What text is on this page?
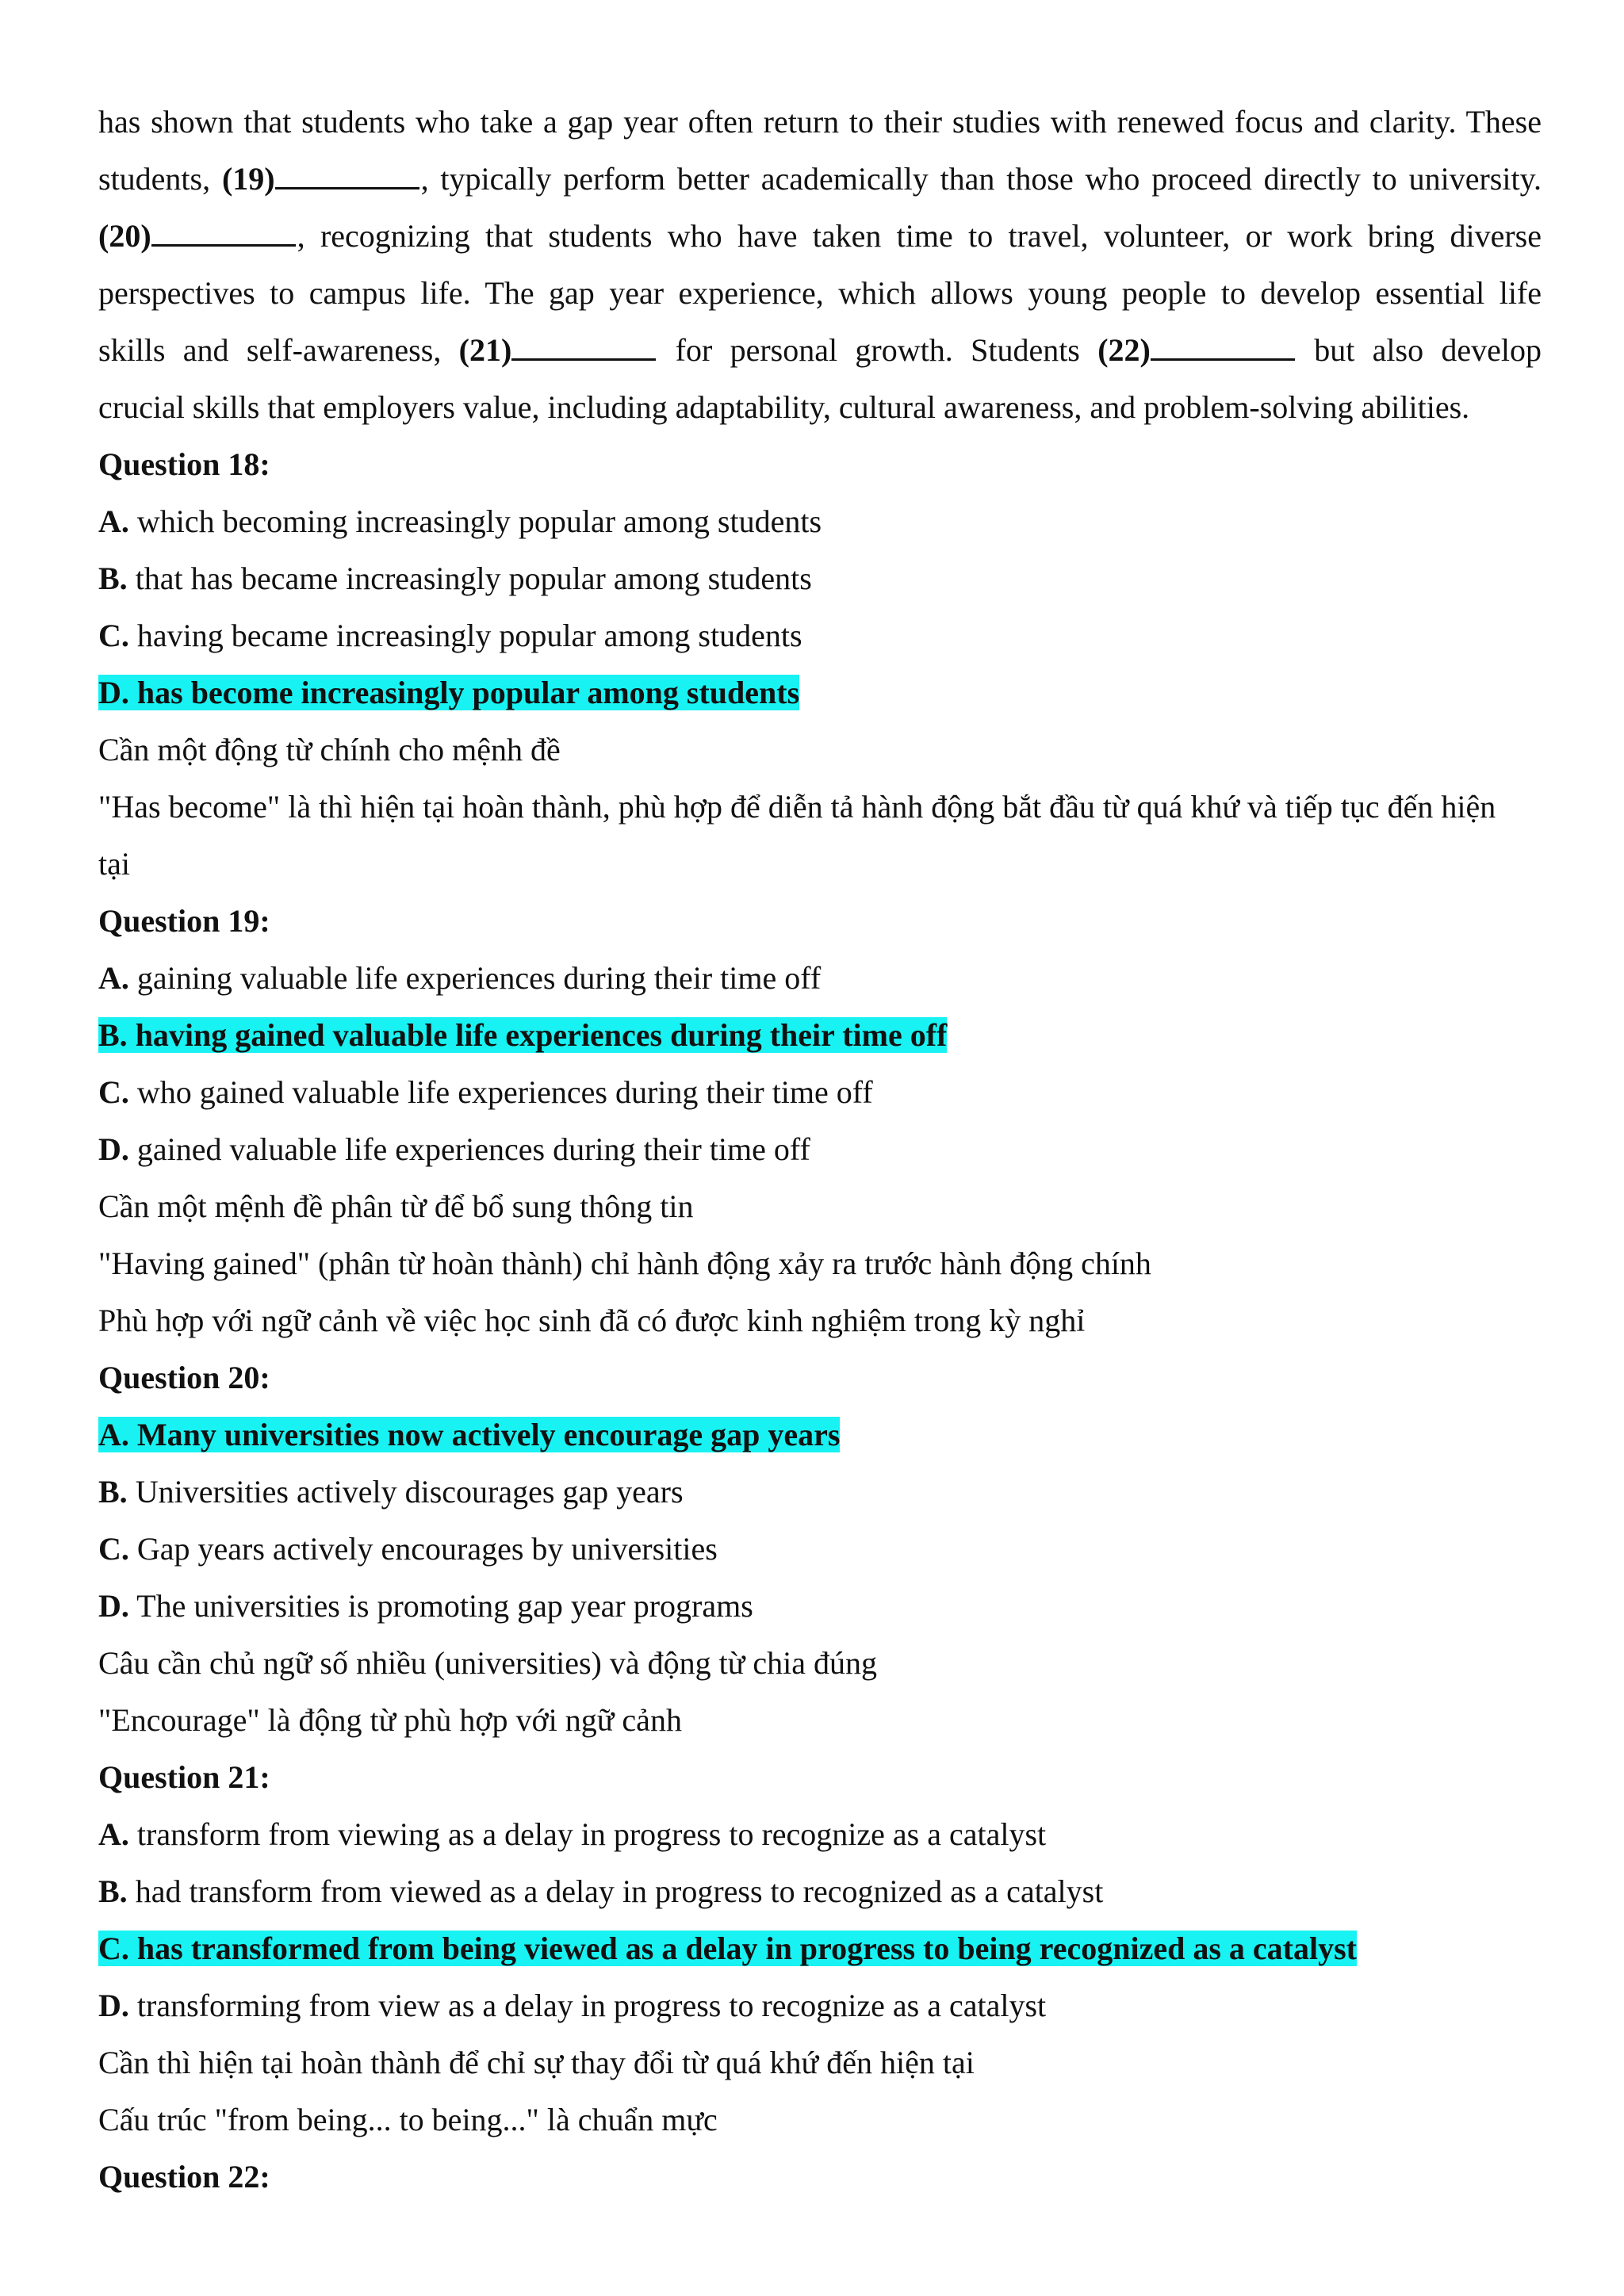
has shown that students who take a gap year often return to their studies with renewed focus and clarity. These
students, (19)	, typically perform better academically than those who proceed directly to university.
(20)	, recognizing that students who have taken time to travel, volunteer, or work bring diverse
perspectives to campus life. The gap year experience, which allows young people to develop essential life
skills and self-awareness, (21)	for personal growth. Students (22)	but also develop
crucial skills that employers value, including adaptability, cultural awareness, and problem-solving abilities.
Question 18:
A. which becoming increasingly popular among students
B. that has became increasingly popular among students
C. having became increasingly popular among students
D. has become increasingly popular among students
Cần một động từ chính cho mệnh đề
"Has become" là thì hiện tại hoàn thành, phù hợp để diễn tả hành động bắt đầu từ quá khứ và tiếp tục đến hiện
tại
Question 19:
A. gaining valuable life experiences during their time off
B. having gained valuable life experiences during their time off
C. who gained valuable life experiences during their time off
D. gained valuable life experiences during their time off
Cần một mệnh đề phân từ để bổ sung thông tin
"Having gained" (phân từ hoàn thành) chỉ hành động xảy ra trước hành động chính
Phù hợp với ngữ cảnh về việc học sinh đã có được kinh nghiệm trong kỳ nghỉ
Question 20:
A. Many universities now actively encourage gap years
B. Universities actively discourages gap years
C. Gap years actively encourages by universities
D. The universities is promoting gap year programs
Câu cần chủ ngữ số nhiều (universities) và động từ chia đúng
"Encourage" là động từ phù hợp với ngữ cảnh
Question 21:
A. transform from viewing as a delay in progress to recognize as a catalyst
B. had transform from viewed as a delay in progress to recognized as a catalyst
C. has transformed from being viewed as a delay in progress to being recognized as a catalyst
D. transforming from view as a delay in progress to recognize as a catalyst
Cần thì hiện tại hoàn thành để chỉ sự thay đổi từ quá khứ đến hiện tại
Cấu trúc "from being... to being..." là chuẩn mực
Question 22:
